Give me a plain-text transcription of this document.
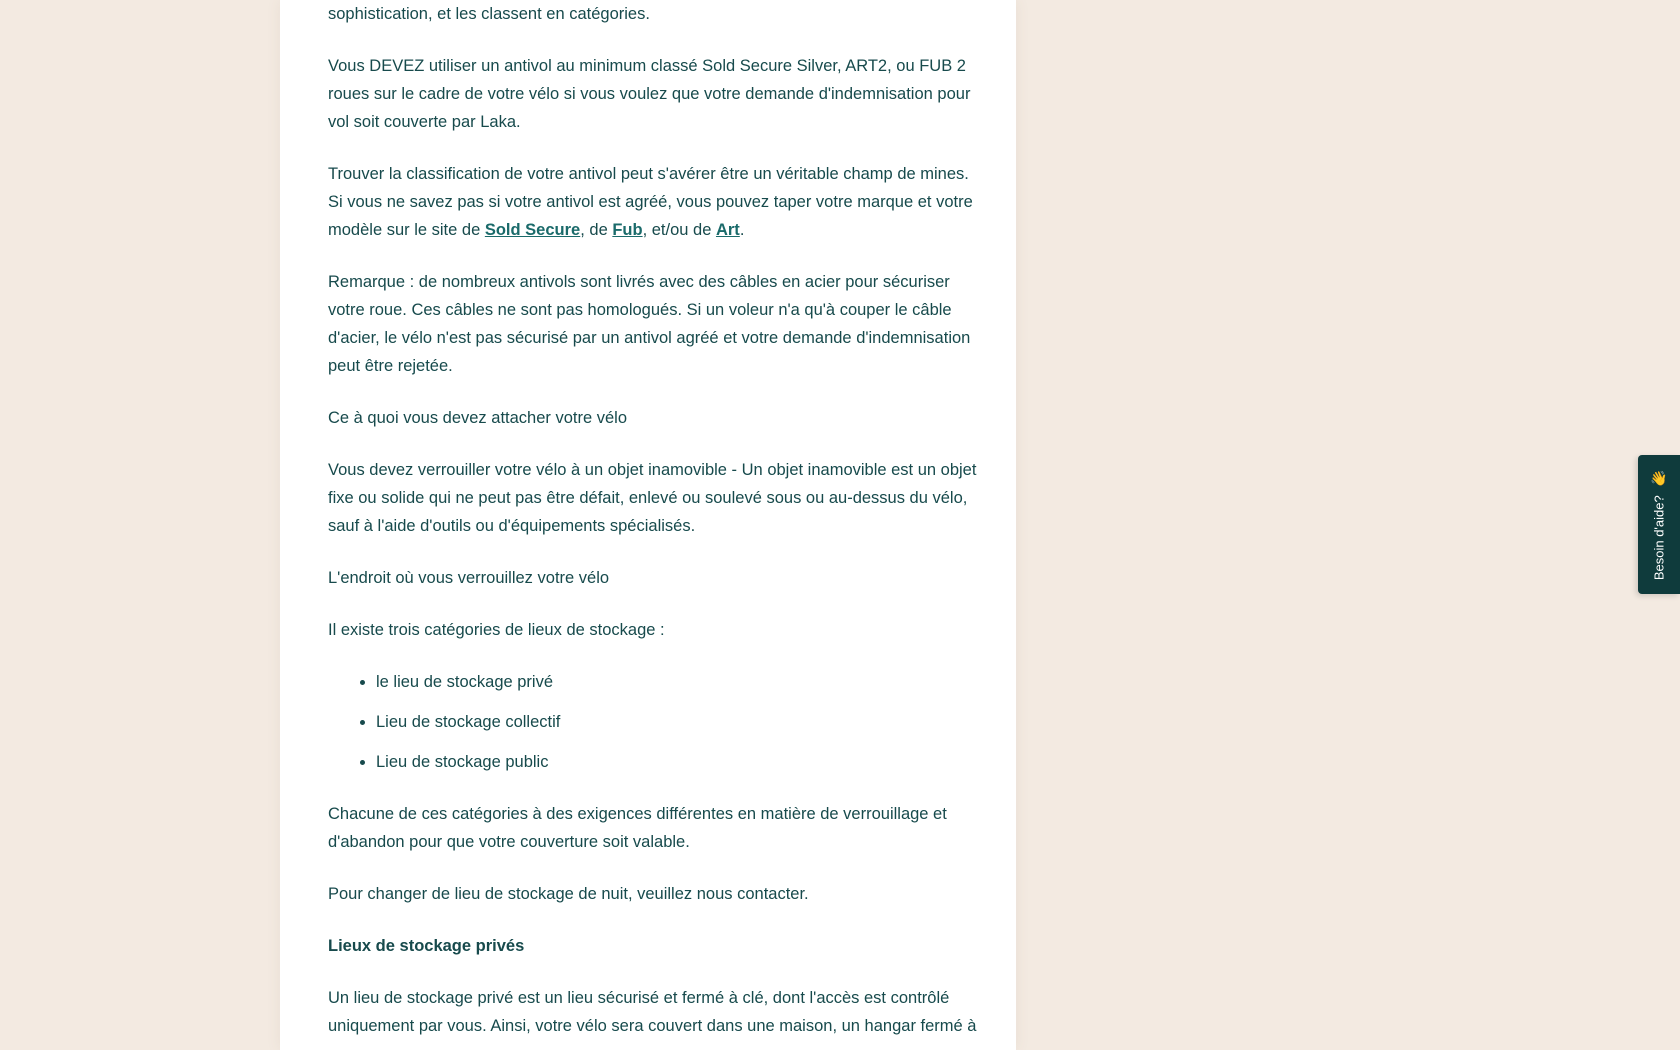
sophistication, et les classent en catégories.

Vous DEVEZ utiliser un antivol au minimum classé Sold Secure Silver, ART2, ou FUB 2 roues sur le cadre de votre vélo si vous voulez que votre demande d'indemnisation pour vol soit couverte par Laka.

Trouver la classification de votre antivol peut s'avérer être un véritable champ de mines. Si vous ne savez pas si votre antivol est agréé, vous pouvez taper votre marque et votre modèle sur le site de Sold Secure, de Fub, et/ou de Art.

Remarque : de nombreux antivols sont livrés avec des câbles en acier pour sécuriser votre roue. Ces câbles ne sont pas homologués. Si un voleur n'a qu'à couper le câble d'acier, le vélo n'est pas sécurisé par un antivol agréé et votre demande d'indemnisation peut être rejetée.

Ce à quoi vous devez attacher votre vélo

Vous devez verrouiller votre vélo à un objet inamovible - Un objet inamovible est un objet fixe ou solide qui ne peut pas être défait, enlevé ou soulevé sous ou au-dessus du vélo, sauf à l'aide d'outils ou d'équipements spécialisés.

L'endroit où vous verrouillez votre vélo

Il existe trois catégories de lieux de stockage :

• le lieu de stockage privé
• Lieu de stockage collectif
• Lieu de stockage public

Chacune de ces catégories à des exigences différentes en matière de verrouillage et d'abandon pour que votre couverture soit valable.

Pour changer de lieu de stockage de nuit, veuillez nous contacter.

Lieux de stockage privés

Un lieu de stockage privé est un lieu sécurisé et fermé à clé, dont l'accès est contrôlé uniquement par vous. Ainsi, votre vélo sera couvert dans une maison, un hangar fermé à

Besoin d'aide?
👋
